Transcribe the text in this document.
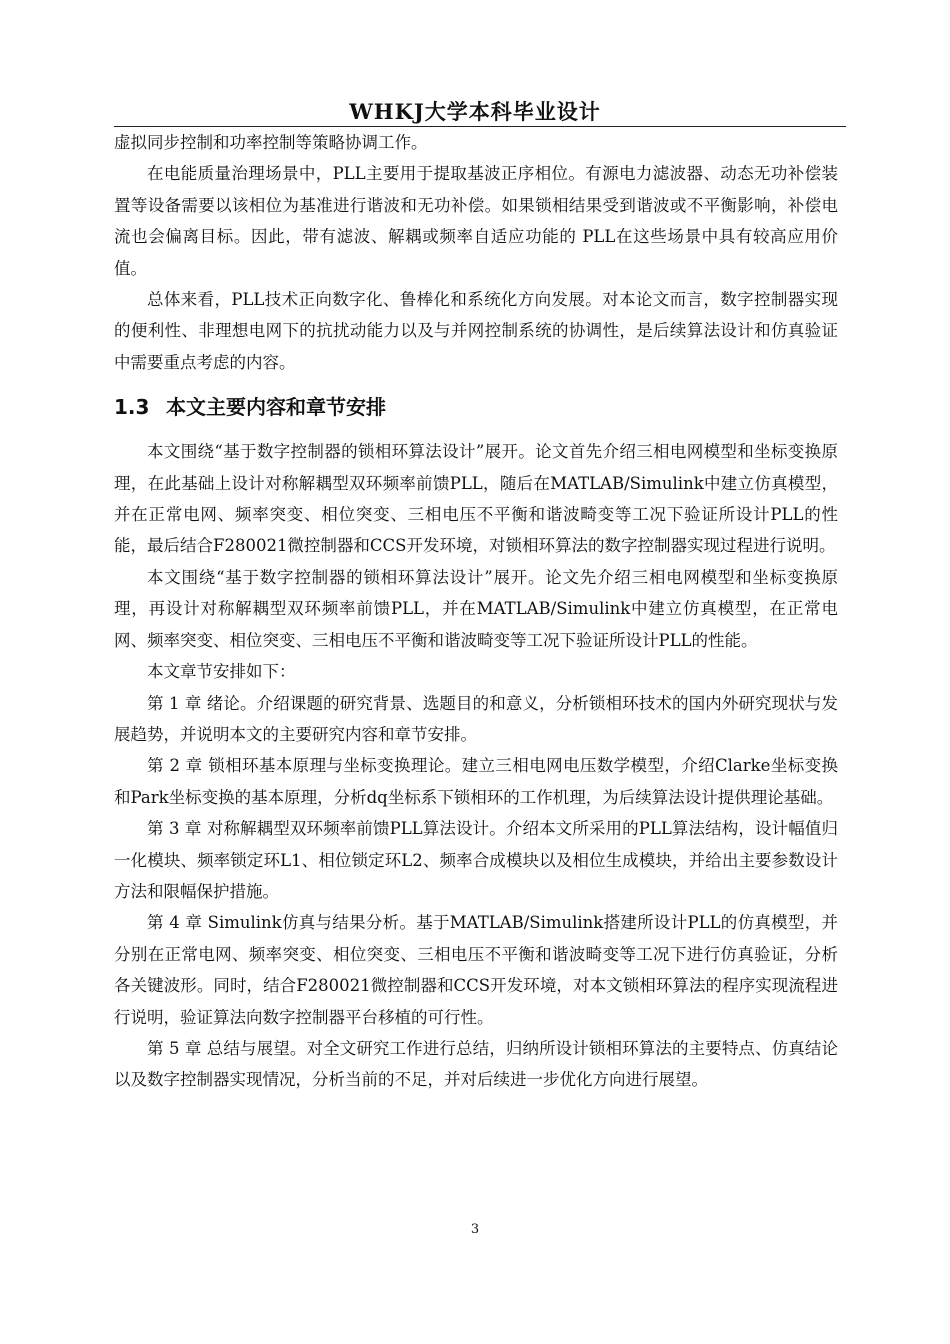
WHKJ大学本科毕业设计

虚拟同步控制和功率控制等策略协调工作。

在电能质量治理场景中，PLL主要用于提取基波正序相位。有源电力滤波器、动态无功补偿装置等设备需要以该相位为基准进行谐波和无功补偿。如果锁相结果受到谐波或不平衡影响，补偿电流也会偏离目标。因此，带有滤波、解耦或频率自适应功能的 PLL在这些场景中具有较高应用价值。

总体来看，PLL技术正向数字化、鲁棒化和系统化方向发展。对本论文而言，数字控制器实现的便利性、非理想电网下的抗扰动能力以及与并网控制系统的协调性，是后续算法设计和仿真验证中需要重点考虑的内容。

1.3 本文主要内容和章节安排

本文围绕“基于数字控制器的锁相环算法设计”展开。论文首先介绍三相电网模型和坐标变换原理，在此基础上设计对称解耦型双环频率前馈PLL，随后在MATLAB/Simulink中建立仿真模型，并在正常电网、频率突变、相位突变、三相电压不平衡和谐波畸变等工况下验证所设计PLL的性能，最后结合F280021微控制器和CCS开发环境，对锁相环算法的数字控制器实现过程进行说明。

本文围绕“基于数字控制器的锁相环算法设计”展开。论文先介绍三相电网模型和坐标变换原理，再设计对称解耦型双环频率前馈PLL，并在MATLAB/Simulink中建立仿真模型，在正常电网、频率突变、相位突变、三相电压不平衡和谐波畸变等工况下验证所设计PLL的性能。

本文章节安排如下：

第 1 章 绪论。介绍课题的研究背景、选题目的和意义，分析锁相环技术的国内外研究现状与发展趋势，并说明本文的主要研究内容和章节安排。

第 2 章 锁相环基本原理与坐标变换理论。建立三相电网电压数学模型，介绍Clarke坐标变换和Park坐标变换的基本原理，分析dq坐标系下锁相环的工作机理，为后续算法设计提供理论基础。

第 3 章 对称解耦型双环频率前馈PLL算法设计。介绍本文所采用的PLL算法结构，设计幅值归一化模块、频率锁定环L1、相位锁定环L2、频率合成模块以及相位生成模块，并给出主要参数设计方法和限幅保护措施。

第 4 章 Simulink仿真与结果分析。基于MATLAB/Simulink搭建所设计PLL的仿真模型，并分别在正常电网、频率突变、相位突变、三相电压不平衡和谐波畸变等工况下进行仿真验证，分析各关键波形。同时，结合F280021微控制器和CCS开发环境，对本文锁相环算法的程序实现流程进行说明，验证算法向数字控制器平台移植的可行性。

第 5 章 总结与展望。对全文研究工作进行总结，归纳所设计锁相环算法的主要特点、仿真结论以及数字控制器实现情况，分析当前的不足，并对后续进一步优化方向进行展望。

3
